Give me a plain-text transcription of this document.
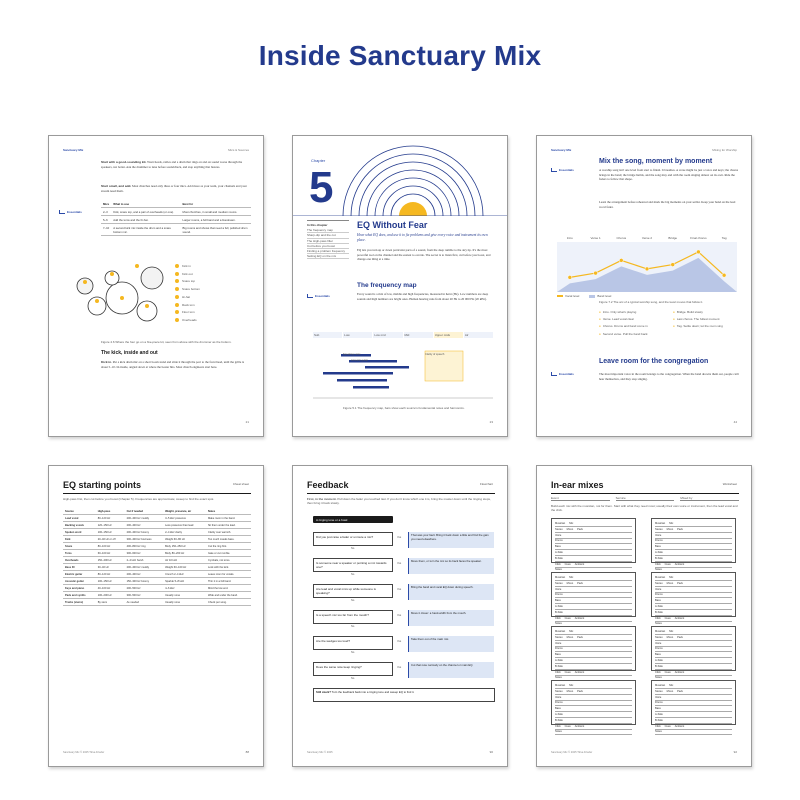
Inside Sanctuary Mix
Sanctuary Mix	Mics & Sources
Start with a good-sounding kit. Worn heads, rattles and a drum that rings on and on sound worse through the speakers, not better. Ask the drummer to tune before soundcheck, and stop anything that buzzes.
Start small, and add. Most churches need only three or four mics. Add more as your team, your channels and your stream need them.
Essentials
Mics	What to use	Best for
2–3	Kick, snare top, and a pair of overheads (or one).	Most churches, in small and medium rooms.
5–6	Add the toms and the hi-hat.	Larger rooms, a full band and a livestream.
7–10	A second kick mic inside the drum and a snare bottom mic.	Big rooms and shows that need a full, polished drum sound.
Kick in
Kick out
Snare top
Snare bottom
Hi-hat
Rack tom
Floor tom
Overheads
Figure 4.6 Where the four go on a five-piece kit, seen from above with the drummer as the bottom.
The kick, inside and out
Kick in. Put a kick drum mic on a short boom stand and slide it through the port to the front head, until the grille is about 5–10 cm inside, angled down at where the beater hits. Most church engineers start here.
21
Chapter
5
In this chapter
The frequency map
Sharp-dip and the cut
The High-pass filter
Cut before you boost
Finding a problem frequency
Setting EQ on the mix
EQ Without Fear
Hear what EQ does, and use it to fix problems and give every voice and instrument its own place.
EQ lets you turn up or down particular parts of a sound, from the deep rumble to the airy tip. It's the most powerful tool on the channel and the easiest to overdo. The secret is to listen first, cut before you boost, and change one thing at a time.
Essentials
The frequency map
Every sound is a mix of low, middle and high frequencies, measured in hertz (Hz). Low numbers are deep sounds and high numbers are bright ones. Human hearing runs from about 20 Hz to 20 000 Hz (20 kHz).
Sub	Low	Low mid	Mid	Upper mids	Air
Speaking voice
Acoustic guitar
Clarity of speech
Figure 5.1 The frequency map, bars show each source's fundamental notes and harmonics.
23
Sanctuary Mix	Mixing for Worship
Mix the song, moment by moment
A worship song isn't one level from start to finish. It breathes. A verse might be just a voice and keys; the chorus brings in the band; the bridge builds, and the song may end with the room singing almost on its own. Ride the faders to follow that shape.
Essentials
Learn the arrangement before rehearsal and mark the big moments on your setlist. Keep your hand on the lead vocal fader.
Intro	Verse 1	Chorus	Verse 2	Bridge	Final chorus	Tag
Vocal level	Band level
Figure 7.2 The arc of a typical worship song, and the level moves that follow it.
● Intro. Only what's playing
● Verse. Lead vocal clear
● Chorus. Drums and band come in
● Second verse. Pull the band back
● Bridge. Build slowly
● Last chorus. The fullest moment
● Tag. Settle down; let the room sing
Essentials
Leave room for the congregation
The most important voice in the room belongs to the congregation. When the band drowns them out, people can't hear themselves, and they stop singing.
44
EQ starting points	Cheat sheet
High-pass first, then cut before you boost (Chapter 5). Frequencies are approximate; sweep to find the exact spot.
Source	High-pass	Cut if needed	Weight, presence, air	Notes
Lead vocal	80–120 Hz	200–400 Hz muddy	3–5 kHz presence	Make room in the band.
Backing vocals	120–150 Hz	200–400 Hz	Less presence than lead	Sit them under the lead.
Spoken word	100–150 Hz	200–400 Hz boomy	2–4 kHz clarity	Clarity over warmth.
Kick	20–40 Hz or off	300–400 Hz boxiness	Weight 60–80 Hz	Too much masks bass.
Snare	80–100 Hz	400–800 Hz ring	Body 150–250 Hz	Cut the ring first.
Toms	60–100 Hz	300–600 Hz	Body 80–200 Hz	Gate or cut rumble.
Overheads	150–400 Hz	2–4 kHz harsh	Air 10 kHz	Cymbals, not toms.
Bass DI	30–40 Hz	200–400 Hz muddy	Weight 60–100 Hz	Lock with the kick.
Electric guitar	80–120 Hz	200–400 Hz	Crunch 2–4 kHz	Leave room for vocals.
Acoustic guitar	100–150 Hz	150–300 Hz boomy	Sparkle 5–8 kHz	Thin it in a full band.
Keys and piano	40–100 Hz	200–500 Hz	4–6 kHz	Mind the low end.
Pads and synths	100–200 Hz	300–500 Hz	Usually none	Wide and under the band.
Tracks (stems)	By stem	As needed	Usually none	Check per song.
Sanctuary Mix © 2025 Tikva Frieder	88
Feedback	Flowchart
First, in the moment. Pull down the fader you touched last. If you don't know which one it is, bring the master down until the ringing stops, then bring it back slowly.
A ringing tone or a howl
Did you just raise a fader or unmute a mic?	Yes
That was your fault. Bring it back down a little and find the gain you need elsewhere.
No
Is someone near a speaker or pointing a mic towards one?
Yes
Move them, or turn the mic so its back faces the speaker.
No
Are lead and vocal mics up while someone is speaking?
Yes
Bring the band and vocal EQ down during speech.
No
Is a speech mic too far from the mouth?	Yes
Move it closer: a hand-width from the mouth.
No
Are the wedges too loud?	Yes
Take them out of the main mix.
No
Does the same note keep ringing?	Yes
Cut that note narrowly on the channel or main EQ.
No
Still stuck? Turn the feedback back into a ringing tone and sweep EQ to find it.
Sanctuary Mix © 2025	90
In-ear mixes	Worksheet
Event	Service	Mixed by
Build each mix with the musician, not for them. Start with what they need most; usually their own voice or instrument, then the lead vocal and the click.
Musician Mix
Stereo Mono Pack
Voice
Drums
Bass
A-Side
B-Side
Click Cues Ambient
Notes
Musician Mix
Stereo Mono Pack
Voice
Drums
Bass
A-Side
B-Side
Click Cues Ambient
Notes
Musician Mix
Stereo Mono Pack
Voice
Drums
Bass
A-Side
B-Side
Click Cues Ambient
Notes
Musician Mix
Stereo Mono Pack
Voice
Drums
Bass
A-Side
B-Side
Click Cues Ambient
Notes
Musician Mix
Stereo Mono Pack
Voice
Drums
Bass
A-Side
B-Side
Click Cues Ambient
Notes
Musician Mix
Stereo Mono Pack
Voice
Drums
Bass
A-Side
B-Side
Click Cues Ambient
Notes
Musician Mix
Stereo Mono Pack
Voice
Drums
Bass
A-Side
B-Side
Click Cues Ambient
Notes
Musician Mix
Stereo Mono Pack
Voice
Drums
Bass
A-Side
B-Side
Click Cues Ambient
Notes
Sanctuary Mix © 2025 Tikva Frieder	92
